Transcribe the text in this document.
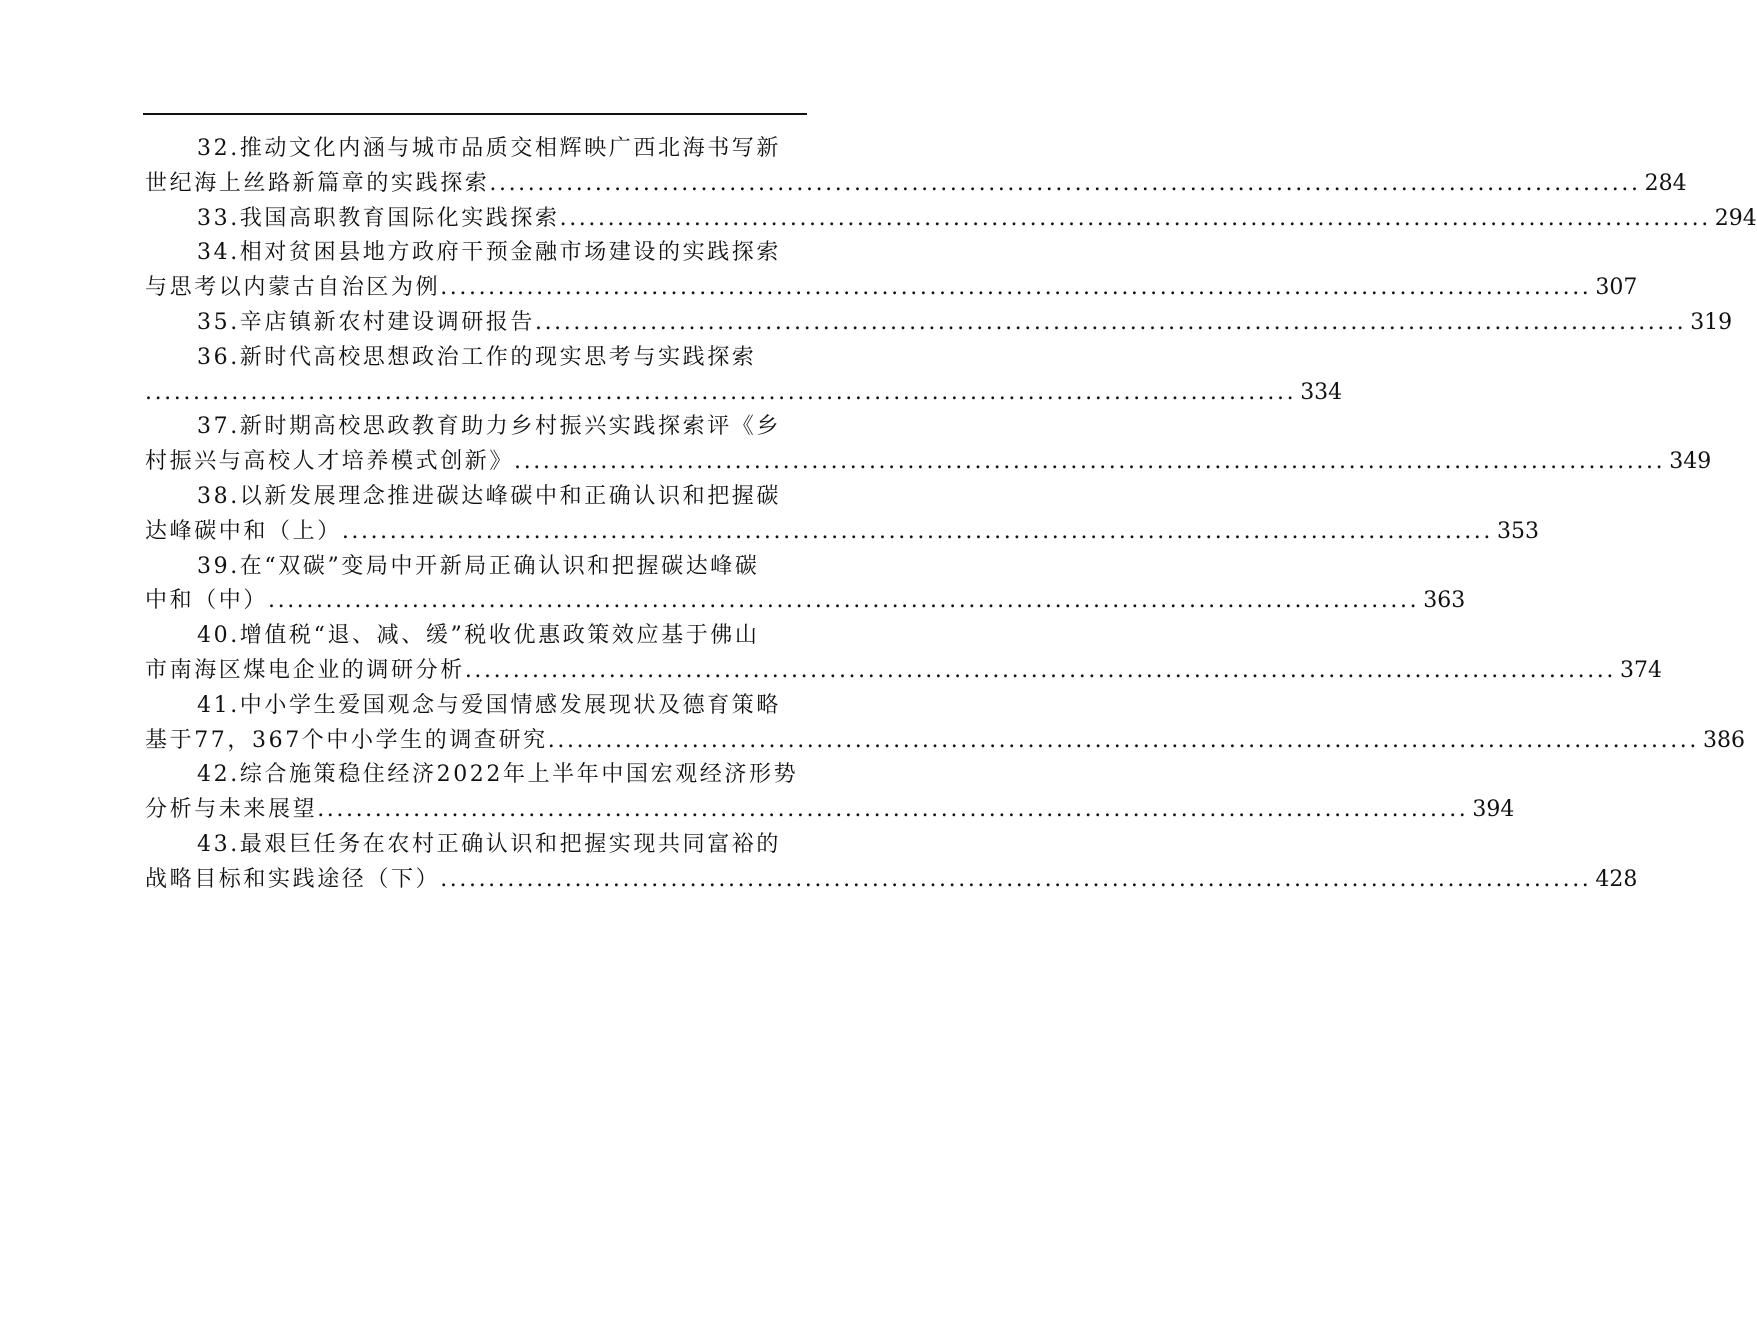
32.推动文化内涵与城市品质交相辉映广西北海书写新
世纪海上丝路新篇章的实践探索 ........................................................................................................................ 284
33.我国高职教育国际化实践探索 ........................................................................................................................ 294
34.相对贫困县地方政府干预金融市场建设的实践探索
与思考以内蒙古自治区为例 ........................................................................................................................ 307
35.辛店镇新农村建设调研报告 ........................................................................................................................ 319
36.新时代高校思想政治工作的现实思考与实践探索
........................................................................................................................ 334
37.新时期高校思政教育助力乡村振兴实践探索评《乡
村振兴与高校人才培养模式创新》 ........................................................................................................................ 349
38.以新发展理念推进碳达峰碳中和正确认识和把握碳
达峰碳中和（上） ........................................................................................................................ 353
39.在“双碳”变局中开新局正确认识和把握碳达峰碳
中和（中） ........................................................................................................................ 363
40.增值税“退、减、缓”税收优惠政策效应基于佛山
市南海区煤电企业的调研分析 ........................................................................................................................ 374
41.中小学生爱国观念与爱国情感发展现状及德育策略
基于77，367个中小学生的调查研究 ........................................................................................................................ 386
42.综合施策稳住经济2022年上半年中国宏观经济形势
分析与未来展望 ........................................................................................................................ 394
43.最艰巨任务在农村正确认识和把握实现共同富裕的
战略目标和实践途径（下） ........................................................................................................................ 428
